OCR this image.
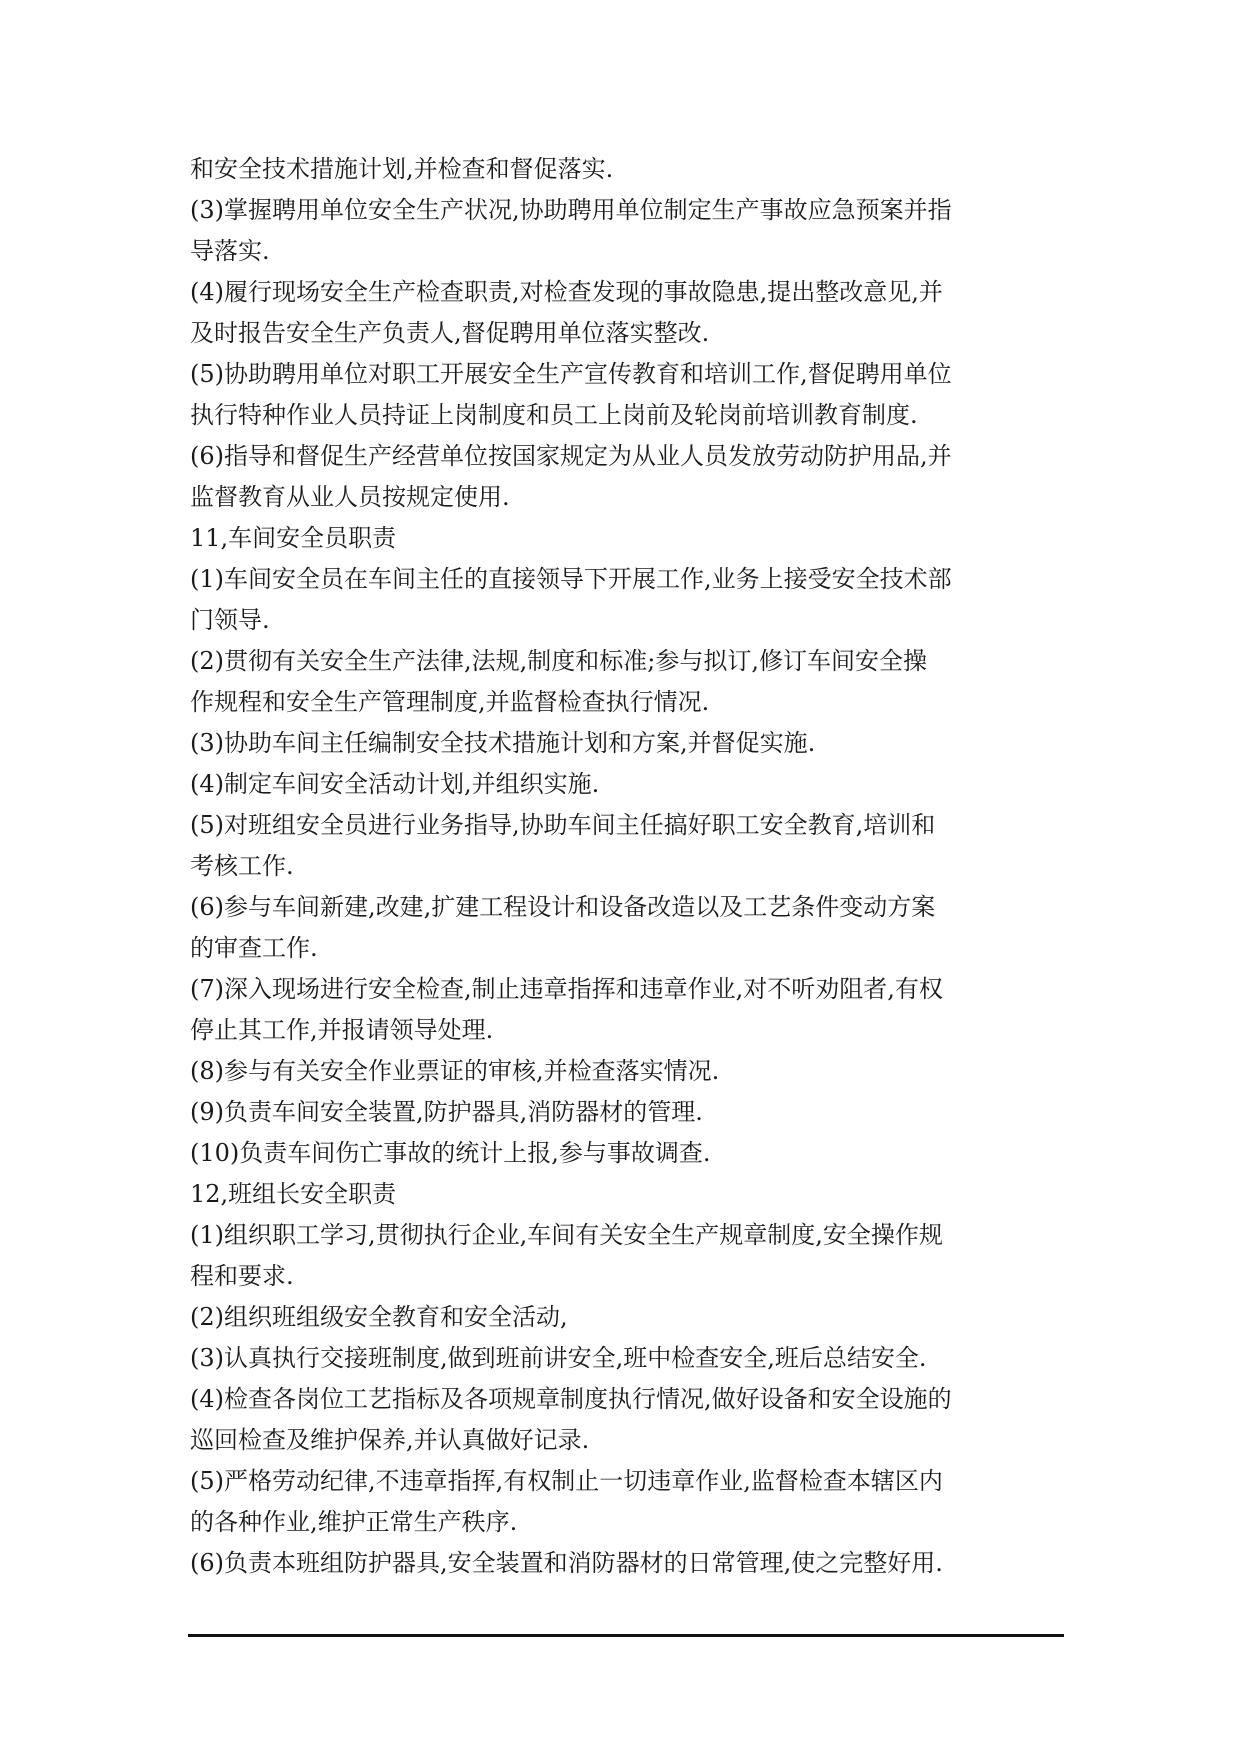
和安全技术措施计划,并检查和督促落实.
(3)掌握聘用单位安全生产状况,协助聘用单位制定生产事故应急预案并指
导落实.
(4)履行现场安全生产检查职责,对检查发现的事故隐患,提出整改意见,并
及时报告安全生产负责人,督促聘用单位落实整改.
(5)协助聘用单位对职工开展安全生产宣传教育和培训工作,督促聘用单位
执行特种作业人员持证上岗制度和员工上岗前及轮岗前培训教育制度.
(6)指导和督促生产经营单位按国家规定为从业人员发放劳动防护用品,并
监督教育从业人员按规定使用.
11,车间安全员职责
(1)车间安全员在车间主任的直接领导下开展工作,业务上接受安全技术部
门领导.
(2)贯彻有关安全生产法律,法规,制度和标准;参与拟订,修订车间安全操
作规程和安全生产管理制度,并监督检查执行情况.
(3)协助车间主任编制安全技术措施计划和方案,并督促实施.
(4)制定车间安全活动计划,并组织实施.
(5)对班组安全员进行业务指导,协助车间主任搞好职工安全教育,培训和
考核工作.
(6)参与车间新建,改建,扩建工程设计和设备改造以及工艺条件变动方案
的审查工作.
(7)深入现场进行安全检查,制止违章指挥和违章作业,对不听劝阻者,有权
停止其工作,并报请领导处理.
(8)参与有关安全作业票证的审核,并检查落实情况.
(9)负责车间安全装置,防护器具,消防器材的管理.
(10)负责车间伤亡事故的统计上报,参与事故调查.
12,班组长安全职责
(1)组织职工学习,贯彻执行企业,车间有关安全生产规章制度,安全操作规
程和要求.
(2)组织班组级安全教育和安全活动,
(3)认真执行交接班制度,做到班前讲安全,班中检查安全,班后总结安全.
(4)检查各岗位工艺指标及各项规章制度执行情况,做好设备和安全设施的
巡回检查及维护保养,并认真做好记录.
(5)严格劳动纪律,不违章指挥,有权制止一切违章作业,监督检查本辖区内
的各种作业,维护正常生产秩序.
(6)负责本班组防护器具,安全装置和消防器材的日常管理,使之完整好用.
